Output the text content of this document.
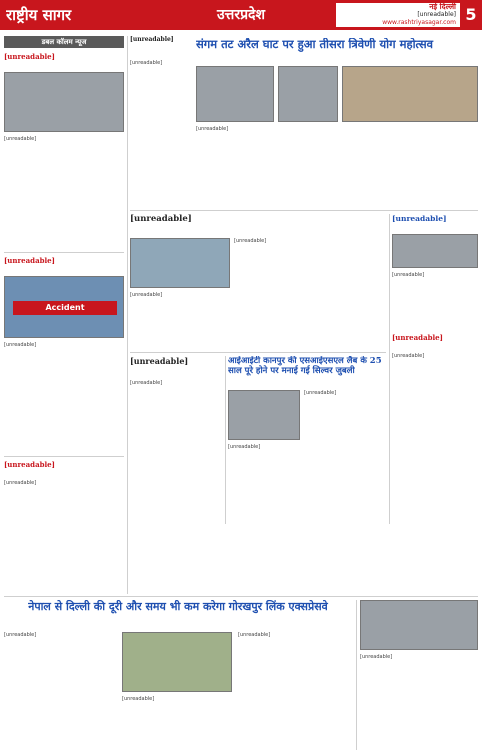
राष्ट्रीय सागर	उत्तरप्रदेश
नई दिल्ली
[unreadable]
www.rashtriyasagar.com 5
डबल कॉलम न्यूज
[unreadable]
[unreadable]
[unreadable]
Accident
[unreadable]
[unreadable]
[unreadable]
[unreadable]
[unreadable]
संगम तट अरैल घाट पर हुआ तीसरा त्रिवेणी योग महोत्सव
[unreadable]
[unreadable]
[unreadable]
[unreadable]
[unreadable]
[unreadable]
[unreadable]
[unreadable]
आईआईटी कानपुर की एसआईएसएल लैब के 25 साल पूरे होने पर मनाई गई सिल्वर जुबली
[unreadable]
[unreadable]
[unreadable]
[unreadable]
नेपाल से दिल्ली की दूरी और समय भी कम करेगा गोरखपुर लिंक एक्सप्रेसवे
[unreadable]
[unreadable]
[unreadable]
[unreadable]
